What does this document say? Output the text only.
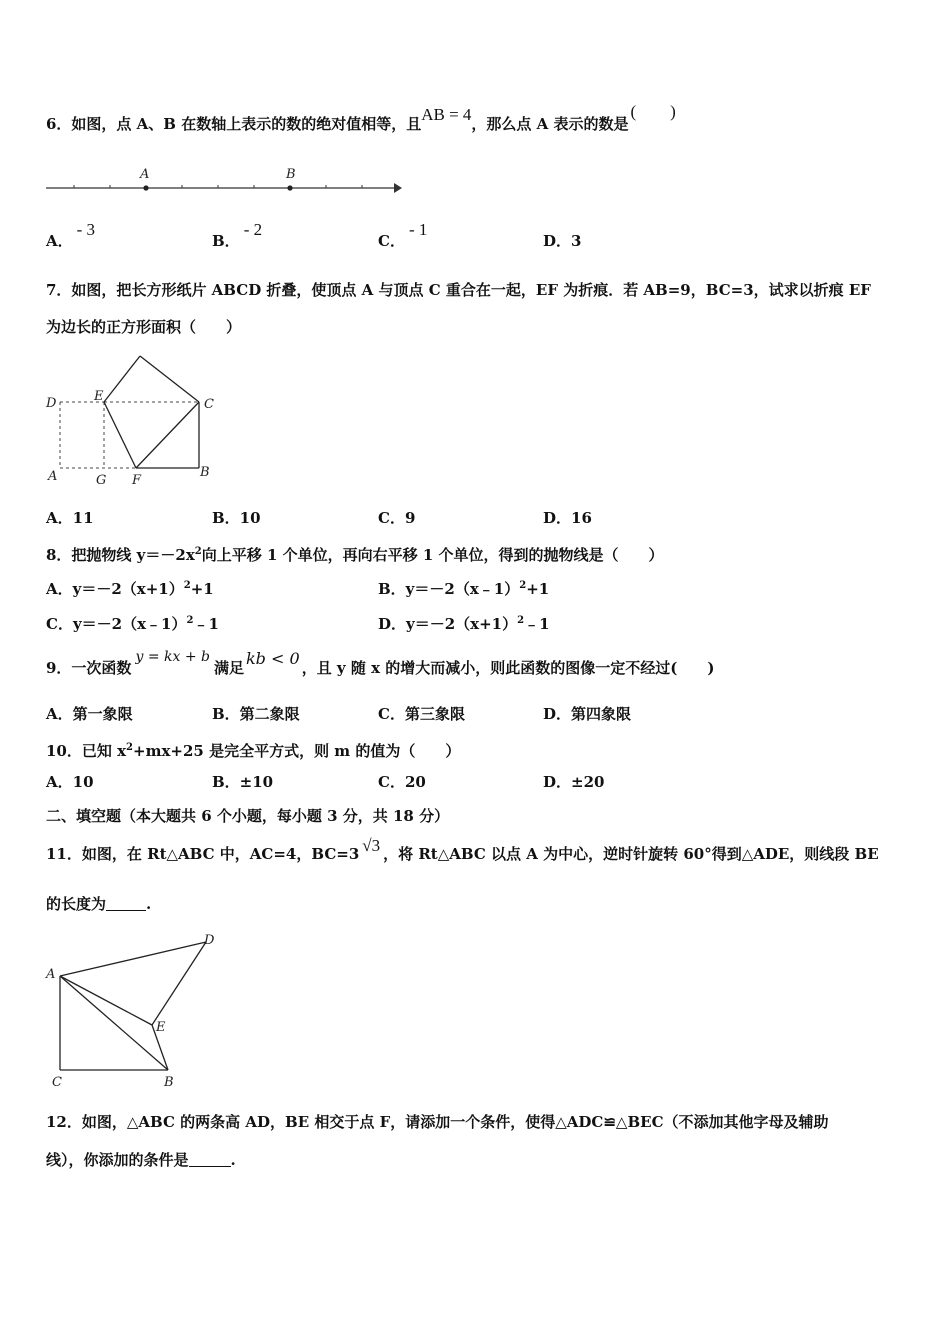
6．如图，点 A、B 在数轴上表示的数的绝对值相等，且AB = 4，那么点 A 表示的数是(　　)
A	B
A．- 3
B．- 2
C．- 1
D．3
7．如图，把长方形纸片 ABCD 折叠，使顶点 A 与顶点 C 重合在一起，EF 为折痕．若 AB=9，BC=3，试求以折痕 EF
为边长的正方形面积（　　）
D	E
C
A	G F
B
A．11	B．10	C．9	D．16
8．把抛物线 $y=-2x^2$向上平移 1 个单位，再向右平移 1 个单位，得到的抛物线是（　　）
A．$y=-2(x+1)^2+1$	B．y＝－2（x﹣1）$^2$+1
C．y＝－2（x﹣1）$^2$﹣1	D．$y=-2(x+1)^2﹣1$
9．一次函数y = kx + b满足 kb < 0 ，且 y 随 x 的增大而减小，则此函数的图像一定不经过(　　)
A．第一象限	B．第二象限	C．第三象限	D．第四象限
10．已知 $x^2+mx+25$ 是完全平方式，则 m 的值为（　　）
A．10	B．±10	C．20	D．±20
二、填空题（本大题共 6 个小题，每小题 3 分，共 18 分）
11．如图，在 Rt△ABC 中，AC=4，BC=3 √3 ，将 Rt△ABC 以点 A 为中心，逆时针旋转 60°得到△ADE，则线段 BE
的长度为	.
A
D
E
C	B
12．如图，△ABC 的两条高 AD，BE 相交于点 F，请添加一个条件，使得△ADC≌△BEC（不添加其他字母及辅助
线），你添加的条件是	.
